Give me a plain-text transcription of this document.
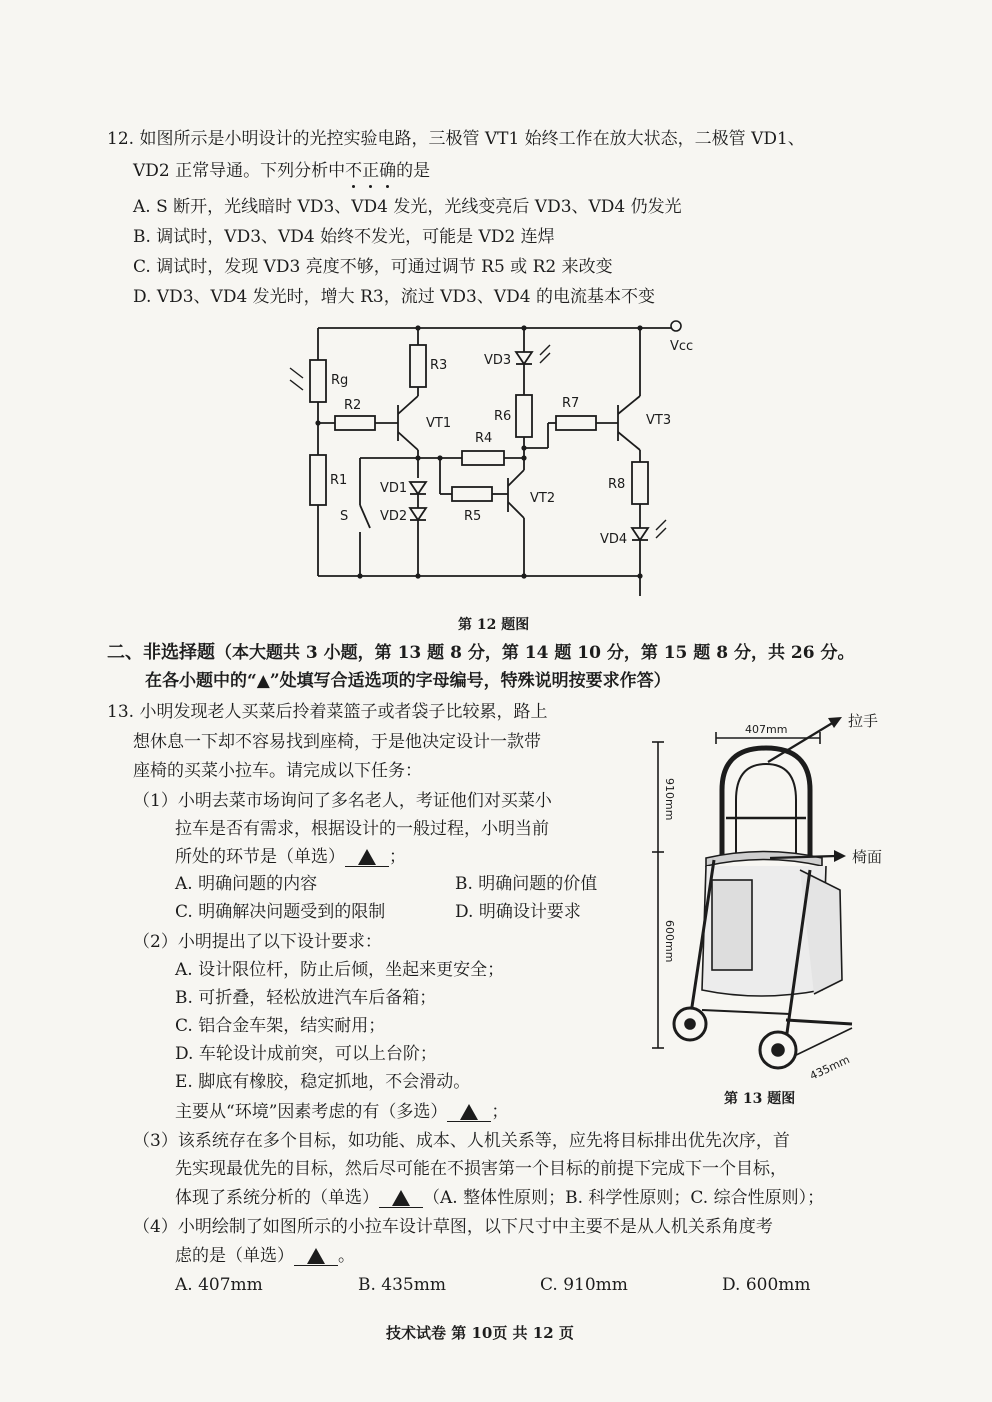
12. 如图所示是小明设计的光控实验电路，三极管 VT1 始终工作在放大状态，二极管 VD1、
VD2 正常导通。下列分析中不
正
确
的是
A. S 断开，光线暗时 VD3、VD4 发光，光线变亮后 VD3、VD4 仍发光
B. 调试时，VD3、VD4 始终不发光，可能是 VD2 连焊
C. 调试时，发现 VD3 亮度不够，可通过调节 R5 或 R2 来改变
D. VD3、VD4 发光时，增大 R3，流过 VD3、VD4 的电流基本不变
Vcc
Rg
R2
R1
R3
VT1
R4
VD1
VD2
S	R5
VT2
VD3
R6
R7
VT3
R8
VD4
第 12 题图
二、非选择题（本大题共 3 小题，第 13 题 8 分，第 14 题 10 分，第 15 题 8 分，共 26 分。
在各小题中的“▲”处填写合适选项的字母编号，特殊说明按要求作答）
13. 小明发现老人买菜后拎着菜篮子或者袋子比较累，路上
想休息一下却不容易找到座椅，于是他决定设计一款带
座椅的买菜小拉车。请完成以下任务：
（1）小明去菜市场询问了多名老人，考证他们对买菜小
拉车是否有需求，根据设计的一般过程，小明当前
所处的环节是（单选）	；
A. 明确问题的内容	B. 明确问题的价值
C. 明确解决问题受到的限制	D. 明确设计要求
（2）小明提出了以下设计要求：
A. 设计限位杆，防止后倾，坐起来更安全；
B. 可折叠，轻松放进汽车后备箱；
C. 铝合金车架，结实耐用；
D. 车轮设计成前突，可以上台阶；
E. 脚底有橡胶，稳定抓地，不会滑动。
主要从“环境”因素考虑的有（多选）	；
（3）该系统存在多个目标，如功能、成本、人机关系等，应先将目标排出优先次序，首
先实现最优先的目标，然后尽可能在不损害第一个目标的前提下完成下一个目标，
体现了系统分析的（单选）	（A. 整体性原则；B. 科学性原则；C. 综合性原则）；
（4）小明绘制了如图所示的小拉车设计草图，以下尺寸中主要不是从人机关系角度考
虑的是（单选）	。
A. 407mm	B. 435mm	C. 910mm	D. 600mm
407mm
910mm
600mm
435mm
拉手
椅面
第 13 题图
技术试卷 第 10页 共 12 页
